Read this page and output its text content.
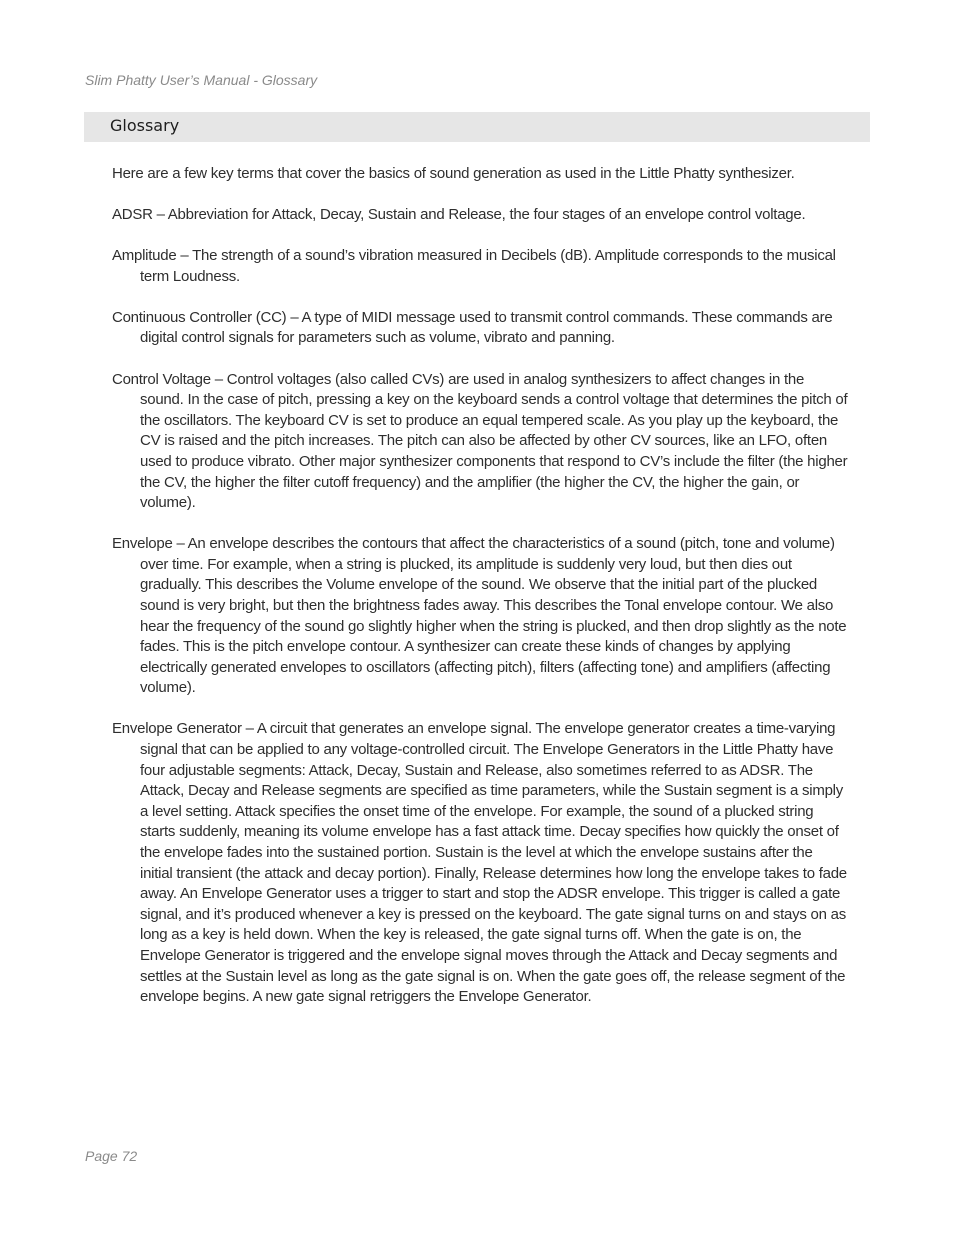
Slim Phatty User’s Manual - Glossary
Glossary

Here are a few key terms that cover the basics of sound generation as used in the Little Phatty synthesizer.

ADSR – Abbreviation for Attack, Decay, Sustain and Release, the four stages of an envelope control voltage.

Amplitude – The strength of a sound’s vibration measured in Decibels (dB). Amplitude corresponds to the musical term Loudness.

Continuous Controller (CC) – A type of MIDI message used to transmit control commands. These commands are digital control signals for parameters such as volume, vibrato and panning.

Control Voltage – Control voltages (also called CVs) are used in analog synthesizers to affect changes in the sound. In the case of pitch, pressing a key on the keyboard sends a control voltage that determines the pitch of the oscillators. The keyboard CV is set to produce an equal tempered scale. As you play up the keyboard, the CV is raised and the pitch increases. The pitch can also be affected by other CV sources, like an LFO, often used to produce vibrato. Other major synthesizer components that respond to CV’s include the filter (the higher the CV, the higher the filter cutoff frequency) and the amplifier (the higher the CV, the higher the gain, or volume).

Envelope – An envelope describes the contours that affect the characteristics of a sound (pitch, tone and volume) over time. For example, when a string is plucked, its amplitude is suddenly very loud, but then dies out gradually. This describes the Volume envelope of the sound. We observe that the initial part of the plucked sound is very bright, but then the brightness fades away. This describes the Tonal envelope contour. We also hear the frequency of the sound go slightly higher when the string is plucked, and then drop slightly as the note fades. This is the pitch envelope contour. A synthesizer can create these kinds of changes by applying electrically generated envelopes to oscillators (affecting pitch), filters (affecting tone) and amplifiers (affecting volume).

Envelope Generator – A circuit that generates an envelope signal. The envelope generator creates a time-varying signal that can be applied to any voltage-controlled circuit. The Envelope Generators in the Little Phatty have four adjustable segments: Attack, Decay, Sustain and Release, also sometimes referred to as ADSR. The Attack, Decay and Release segments are specified as time parameters, while the Sustain segment is a simply a level setting. Attack specifies the onset time of the envelope. For example, the sound of a plucked string starts suddenly, meaning its volume envelope has a fast attack time. Decay specifies how quickly the onset of the envelope fades into the sustained portion. Sustain is the level at which the envelope sustains after the initial transient (the attack and decay portion). Finally, Release determines how long the envelope takes to fade away. An Envelope Generator uses a trigger to start and stop the ADSR envelope. This trigger is called a gate signal, and it’s produced whenever a key is pressed on the keyboard. The gate signal turns on and stays on as long as a key is held down. When the key is released, the gate signal turns off. When the gate is on, the Envelope Generator is triggered and the envelope signal moves through the Attack and Decay segments and settles at the Sustain level as long as the gate signal is on. When the gate goes off, the release segment of the envelope begins. A new gate signal retriggers the Envelope Generator.

Page 72
